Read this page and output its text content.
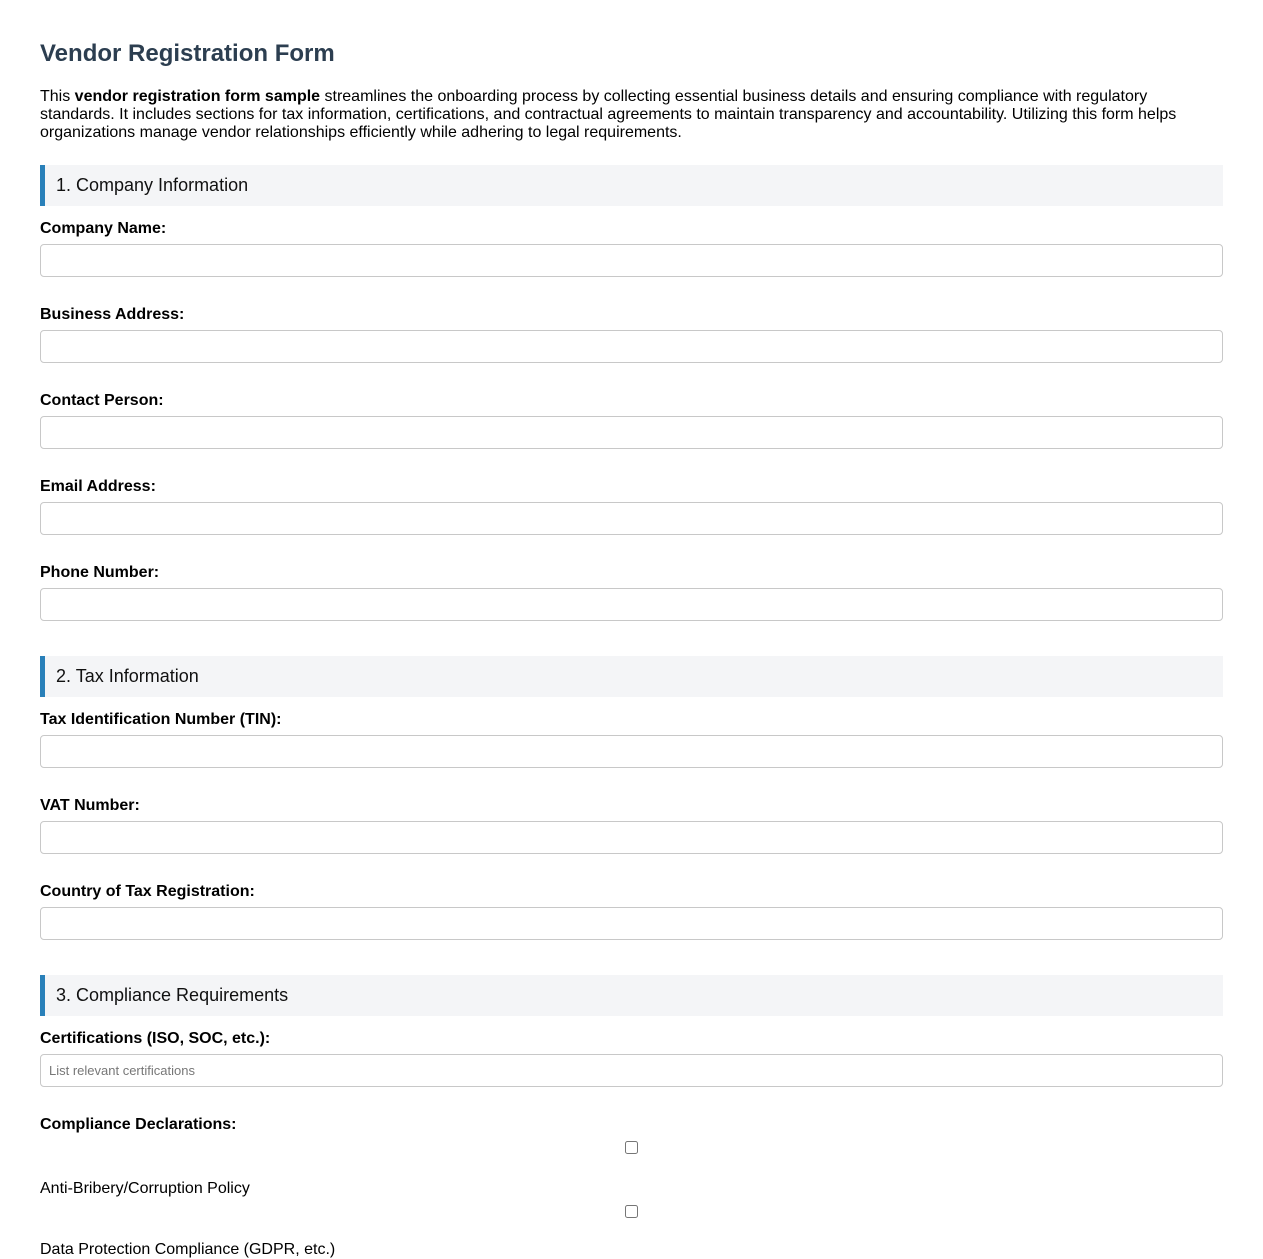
Vendor Registration Form

This vendor registration form sample streamlines the onboarding process by collecting essential business details and ensuring compliance with regulatory standards. It includes sections for tax information, certifications, and contractual agreements to maintain transparency and accountability. Utilizing this form helps organizations manage vendor relationships efficiently while adhering to legal requirements.

1. Company Information
Company Name:
Business Address:
Contact Person:
Email Address:
Phone Number:
2. Tax Information
Tax Identification Number (TIN):
VAT Number:
Country of Tax Registration:
3. Compliance Requirements
Certifications (ISO, SOC, etc.):
List relevant certifications
Compliance Declarations:
Anti-Bribery/Corruption Policy
Data Protection Compliance (GDPR, etc.)
